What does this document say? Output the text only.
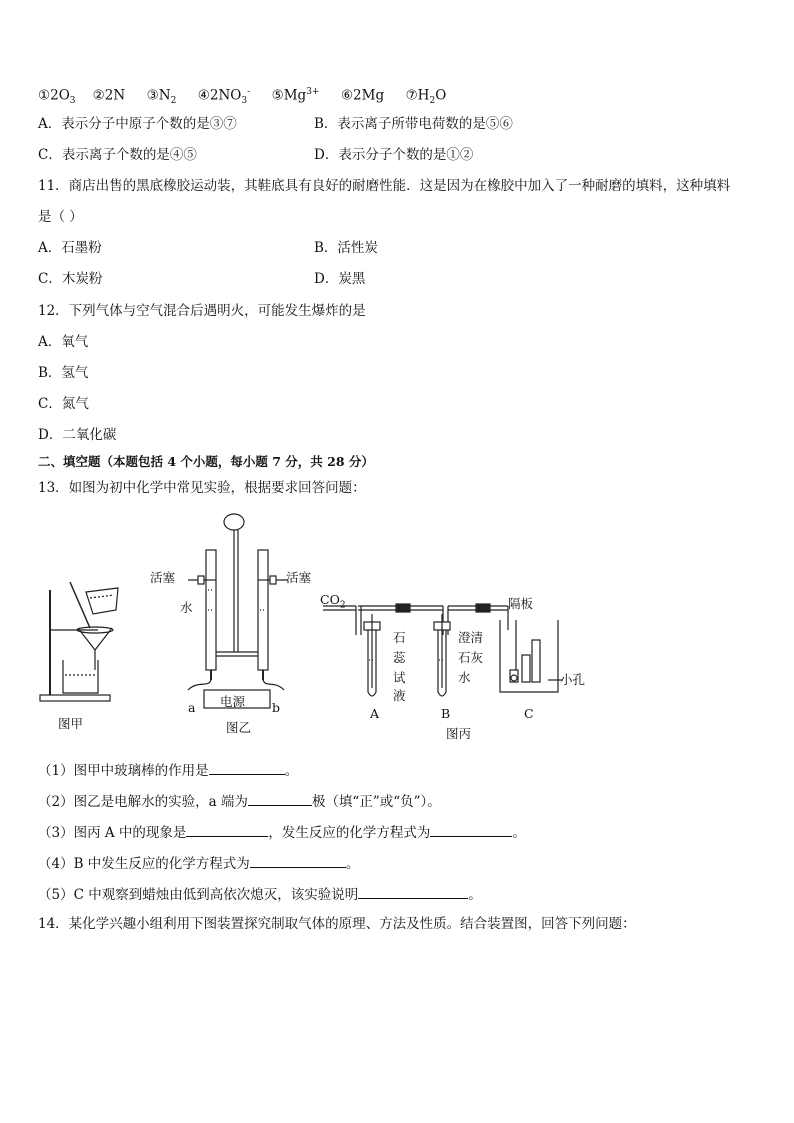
$①2O_3$ ②2N $③N_2$ $④2NO_3^-$ $⑤Mg^{3+}$ ⑥2Mg $⑦H_2O$
A．表示分子中原子个数的是③⑦	B．表示离子所带电荷数的是⑤⑥
C．表示离子个数的是④⑤	D．表示分子个数的是①②
11．商店出售的黑底橡胶运动装，其鞋底具有良好的耐磨性能．这是因为在橡胶中加入了一种耐磨的填料，这种填料
是（ ）
A．石墨粉	B．活性炭
C．木炭粉	D．炭黑
12．下列气体与空气混合后遇明火，可能发生爆炸的是
A．氧气
B．氢气
C．氮气
D．二氧化碳
二、填空题（本题包括 4 个小题，每小题 7 分，共 28 分）
13．如图为初中化学中常见实验，根据要求回答问题：
图甲
活塞	活塞
水
电源
a	b
图乙
$CO_2$
石
蕊
试
液
澄清
石灰
水
隔板
小孔
A	B	C
图丙
（1）图甲中玻璃棒的作用是	。
（2）图乙是电解水的实验，a 端为	极（填“正”或“负”）。
（3）图丙 A 中的现象是	，发生反应的化学方程式为	。
（4）B 中发生反应的化学方程式为	。
（5）C 中观察到蜡烛由低到高依次熄灭，该实验说明	。
14．某化学兴趣小组利用下图装置探究制取气体的原理、方法及性质。结合装置图，回答下列问题：
